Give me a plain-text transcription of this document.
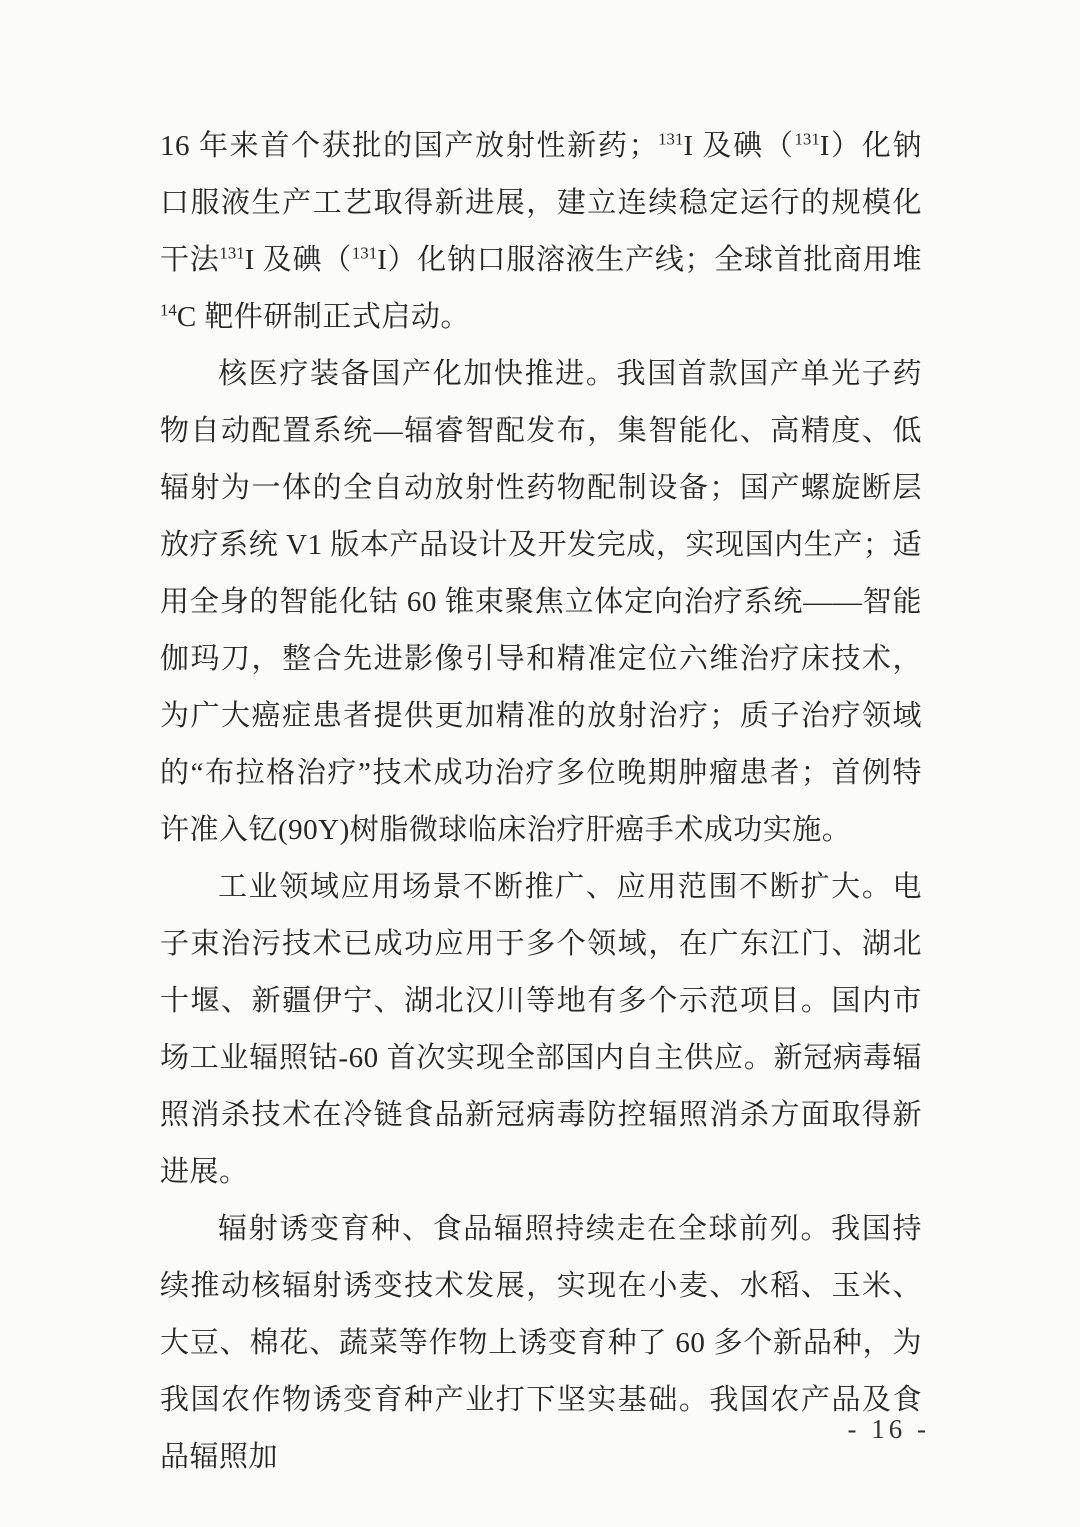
16 年来首个获批的国产放射性新药；$^{131}$I 及碘（$^{131}$I）化钠口服液生产工艺取得新进展，建立连续稳定运行的规模化干法$^{131}$I 及碘（$^{131}$I）化钠口服溶液生产线；全球首批商用堆 $^{14}$C 靶件研制正式启动。

核医疗装备国产化加快推进。我国首款国产单光子药物自动配置系统—辐睿智配发布，集智能化、高精度、低辐射为一体的全自动放射性药物配制设备；国产螺旋断层放疗系统 V1 版本产品设计及开发完成，实现国内生产；适用全身的智能化钴 60 锥束聚焦立体定向治疗系统——智能伽玛刀，整合先进影像引导和精准定位六维治疗床技术，为广大癌症患者提供更加精准的放射治疗；质子治疗领域的“布拉格治疗”技术成功治疗多位晚期肿瘤患者；首例特许准入钇(90Y)树脂微球临床治疗肝癌手术成功实施。

工业领域应用场景不断推广、应用范围不断扩大。电子束治污技术已成功应用于多个领域，在广东江门、湖北十堰、新疆伊宁、湖北汉川等地有多个示范项目。国内市场工业辐照钴-60 首次实现全部国内自主供应。新冠病毒辐照消杀技术在冷链食品新冠病毒防控辐照消杀方面取得新进展。

辐射诱变育种、食品辐照持续走在全球前列。我国持续推动核辐射诱变技术发展，实现在小麦、水稻、玉米、大豆、棉花、蔬菜等作物上诱变育种了 60 多个新品种，为我国农作物诱变育种产业打下坚实基础。我国农产品及食品辐照加

- 16 -
